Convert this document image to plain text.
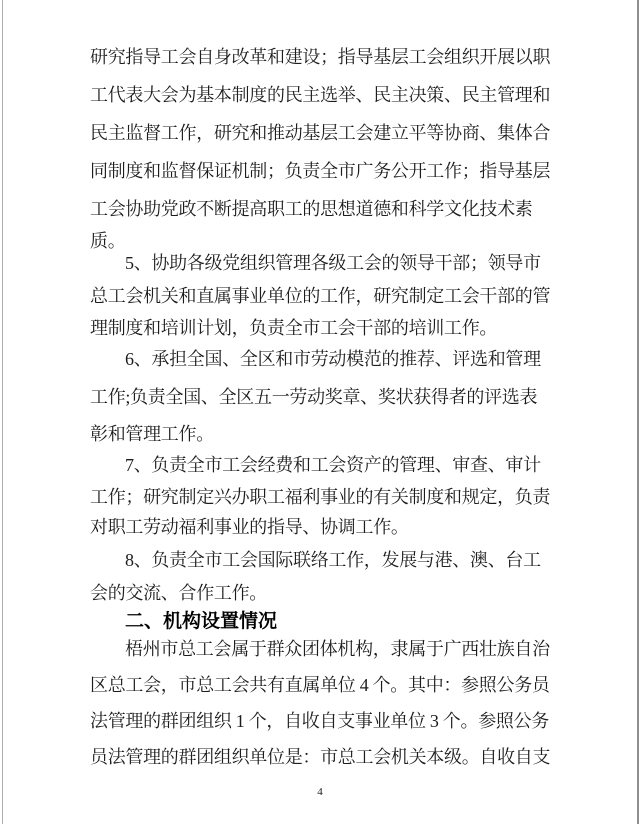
研究指导工会自身改革和建设；指导基层工会组织开展以职
工代表大会为基本制度的民主选举、民主决策、民主管理和
民主监督工作，研究和推动基层工会建立平等协商、集体合
同制度和监督保证机制；负责全市广务公开工作；指导基层
工会协助党政不断提高职工的思想道德和科学文化技术素
质。
5、协助各级党组织管理各级工会的领导干部；领导市
总工会机关和直属事业单位的工作，研究制定工会干部的管
理制度和培训计划，负责全市工会干部的培训工作。
6、承担全国、全区和市劳动模范的推荐、评选和管理
工作;负责全国、全区五一劳动奖章、奖状获得者的评选表
彰和管理工作。
7、负责全市工会经费和工会资产的管理、审查、审计
工作；研究制定兴办职工福利事业的有关制度和规定，负责
对职工劳动福利事业的指导、协调工作。
8、负责全市工会国际联络工作，发展与港、澳、台工
会的交流、合作工作。
二、机构设置情况
梧州市总工会属于群众团体机构，隶属于广西壮族自治
区总工会，市总工会共有直属单位 4 个。其中：参照公务员
法管理的群团组织 1 个，自收自支事业单位 3 个。参照公务
员法管理的群团组织单位是：市总工会机关本级。自收自支
4
